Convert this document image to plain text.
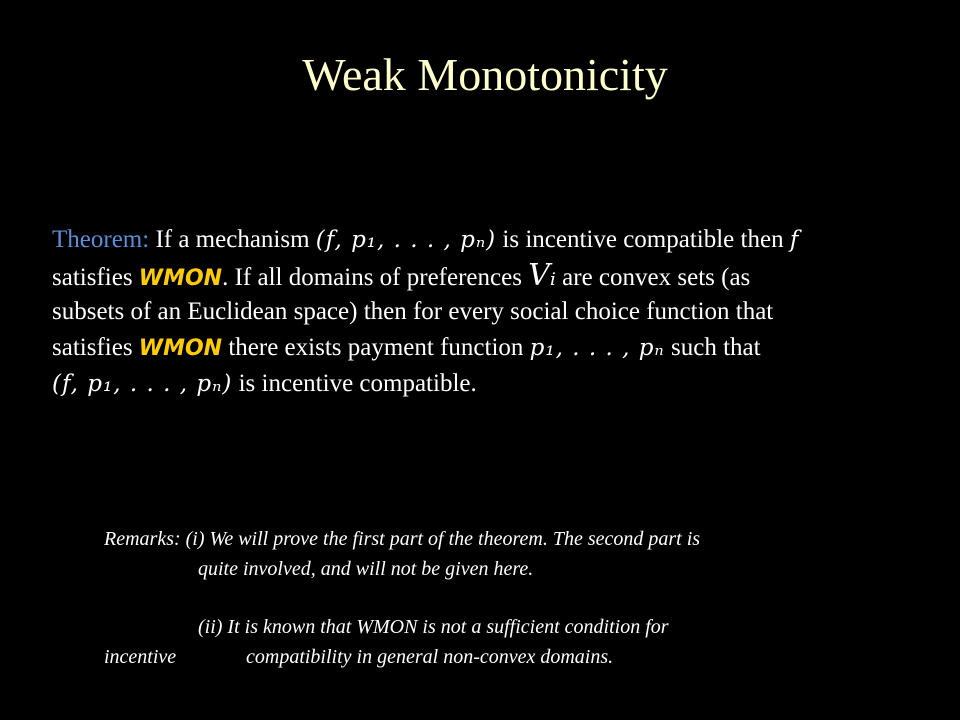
Weak Monotonicity
Theorem: If a mechanism (f, p₁, . . . , pₙ) is incentive compatible then f
satisfies WMON. If all domains of preferences Vᵢ are convex sets (as
subsets of an Euclidean space) then for every social choice function that
satisfies WMON there exists payment function p₁, . . . , pₙ such that
(f, p₁, . . . , pₙ) is incentive compatible.
Remarks: (i) We will prove the first part of the theorem. The second part is
quite involved, and will not be given here.
(ii) It is known that WMON is not a sufficient condition for
incentive	compatibility in general non-convex domains.
